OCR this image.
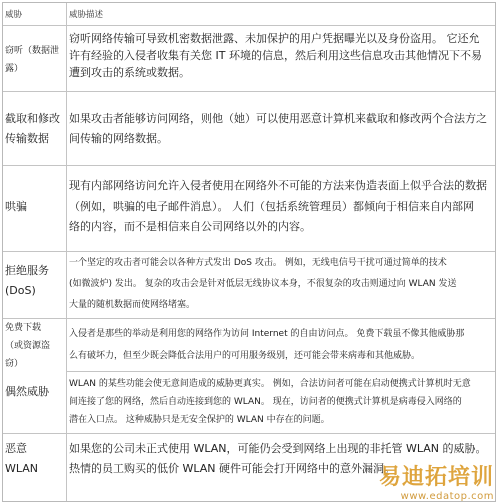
威胁	威胁描述
窃听（数据泄
露）
窃听网络传输可导致机密数据泄露、未加保护的用户凭据曝光以及身份盗用。 它还允
许有经验的入侵者收集有关您 IT 环境的信息，然后利用这些信息攻击其他情况下不易
遭到攻击的系统或数据。
截取和修改
传输数据
如果攻击者能够访问网络，则他（她）可以使用恶意计算机来截取和修改两个合法方之
间传输的网络数据。
哄骗
现有内部网络访问允许入侵者使用在网络外不可能的方法来伪造表面上似乎合法的数据
（例如，哄骗的电子邮件消息）。 人们（包括系统管理员）都倾向于相信来自内部网
络的内容，而不是相信来自公司网络以外的内容。
拒绝服务
(DoS)
一个坚定的攻击者可能会以各种方式发出 DoS 攻击。 例如，无线电信号干扰可通过简单的技术
(如微波炉) 发出。 复杂的攻击会是针对低层无线协议本身，不很复杂的攻击则通过向 WLAN 发送
大量的随机数据而使网络堵塞。
免费下载
（或资源盗
窃）
偶然威胁
入侵者是那些的举动是利用您的网络作为访问 Internet 的自由访问点。 免费下载虽不像其他威胁那
么有破坏力，但至少既会降低合法用户的可用服务级别，还可能会带来病毒和其他威胁。
WLAN 的某些功能会使无意间造成的威胁更真实。 例如，合法访问者可能在启动便携式计算机时无意
间连接了您的网络，然后自动连接到您的 WLAN。 现在，访问者的便携式计算机是病毒侵入网络的
潜在入口点。 这种威胁只是无安全保护的 WLAN 中存在的问题。
恶意
WLAN
如果您的公司未正式使用 WLAN，可能仍会受到网络上出现的非托管 WLAN 的威胁。
热情的员工购买的低价 WLAN 硬件可能会打开网络中的意外漏洞。
易迪拓培训
www.edatop.com
